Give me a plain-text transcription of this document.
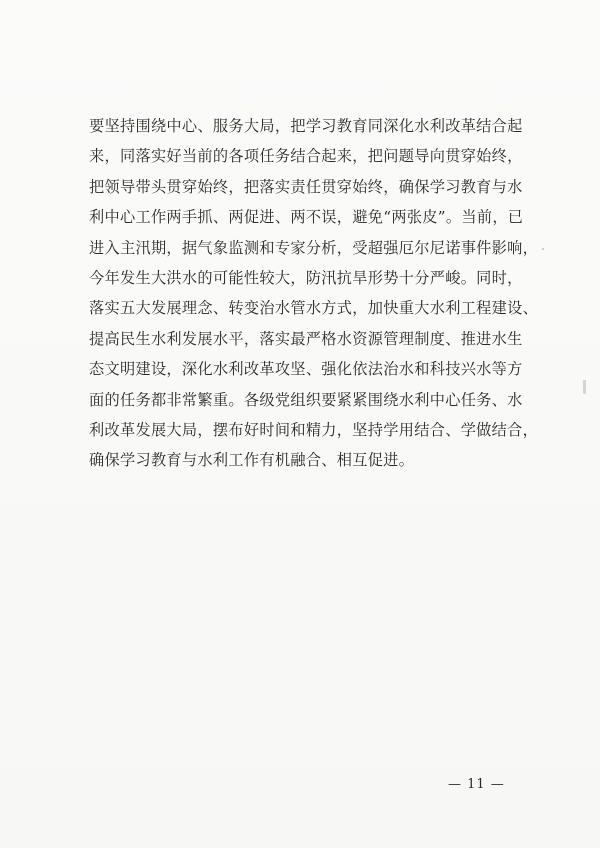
要坚持围绕中心、服务大局，把学习教育同深化水利改革结合起
来，同落实好当前的各项任务结合起来，把问题导向贯穿始终，
把领导带头贯穿始终，把落实责任贯穿始终，确保学习教育与水
利中心工作两手抓、两促进、两不误，避免“两张皮”。当前，已
进入主汛期，据气象监测和专家分析，受超强厄尔尼诺事件影响，
今年发生大洪水的可能性较大，防汛抗旱形势十分严峻。同时，
落实五大发展理念、转变治水管水方式，加快重大水利工程建设、
提高民生水利发展水平，落实最严格水资源管理制度、推进水生
态文明建设，深化水利改革攻坚、强化依法治水和科技兴水等方
面的任务都非常繁重。各级党组织要紧紧围绕水利中心任务、水
利改革发展大局，摆布好时间和精力，坚持学用结合、学做结合，
确保学习教育与水利工作有机融合、相互促进。
— 11 —
